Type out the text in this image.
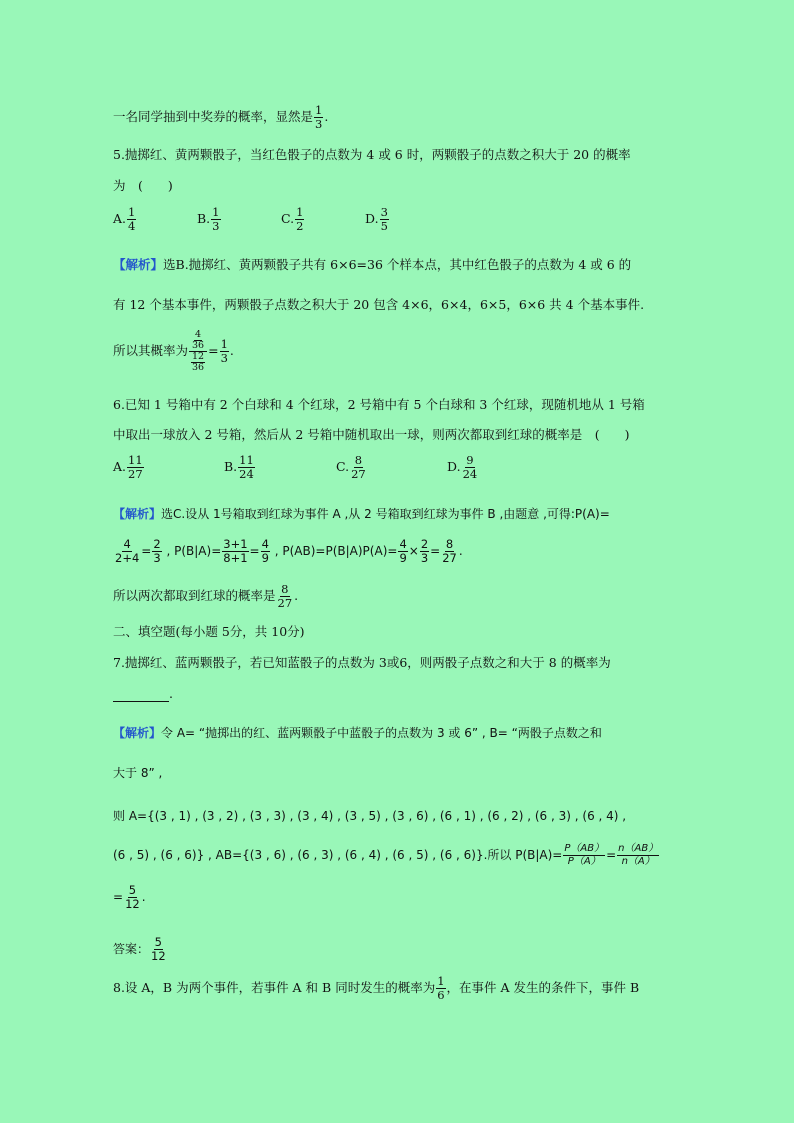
一名同学抽到中奖券的概率，显然是 $\frac{1}{3}$ .
5.抛掷红、黄两颗骰子，当红色骰子的点数为 4 或 6 时，两颗骰子的点数之积大于 20 的概率
为　(　　)
A. $\frac{1}{4}$	B. $\frac{1}{3}$	C. $\frac{1}{2}$	D. $\frac{3}{5}$
【解析】选B.抛掷红、黄两颗骰子共有 6×6=36 个样本点，其中红色骰子的点数为 4 或 6 的
有 12 个基本事件，两颗骰子点数之积大于 20 包含 4×6，6×4，6×5，6×6 共 4 个基本事件.
所以其概率为 $\frac{\frac{4}{36}}{\frac{12}{36}} = \frac{1}{3}$ .
6.已知 1 号箱中有 2 个白球和 4 个红球，2 号箱中有 5 个白球和 3 个红球，现随机地从 1 号箱
中取出一球放入 2 号箱，然后从 2 号箱中随机取出一球，则两次都取到红球的概率是　(　　)
A. $\frac{11}{27}$	B. $\frac{11}{24}$	C. $\frac{8}{27}$	D. $\frac{9}{24}$
【解析】选C.设从 1号箱取到红球为事件 A ,从 2 号箱取到红球为事件 B ,由题意 ,可得:P(A)=
$\frac{4}{2+4} = \frac{2}{3}$ , $P(B|A)= \frac{3+1}{8+1} = \frac{4}{9}$ , $P(AB)=P(B|A)P(A)= \frac{4}{9} \times \frac{2}{3} = \frac{8}{27}$ .
所以两次都取到红球的概率是 $\frac{8}{27}$ .
二、填空题(每小题 5分，共 10分)
7.抛掷红、蓝两颗骰子，若已知蓝骰子的点数为 3或6，则两骰子点数之和大于 8 的概率为
.
【解析】令 A= “抛掷出的红、蓝两颗骰子中蓝骰子的点数为 3 或 6” , B= “两骰子点数之和
大于 8” ,
则 A={(3 , 1) , (3 , 2) , (3 , 3) , (3 , 4) , (3 , 5) , (3 , 6) , (6 , 1) , (6 , 2) , (6 , 3) , (6 , 4) ,
(6 , 5) , (6 , 6)} , AB={(3 , 6) , (6 , 3) , (6 , 4) , (6 , 5) , (6 , 6)}.所以 $P(B|A)= \frac{P(AB)}{P(A)} = \frac{n(AB)}{n(A)}$
= $\frac{5}{12}$ .
答案： $\frac{5}{12}$
8.设 A，B 为两个事件，若事件 A 和 B 同时发生的概率为 $\frac{1}{6}$ ，在事件 A 发生的条件下，事件 B
